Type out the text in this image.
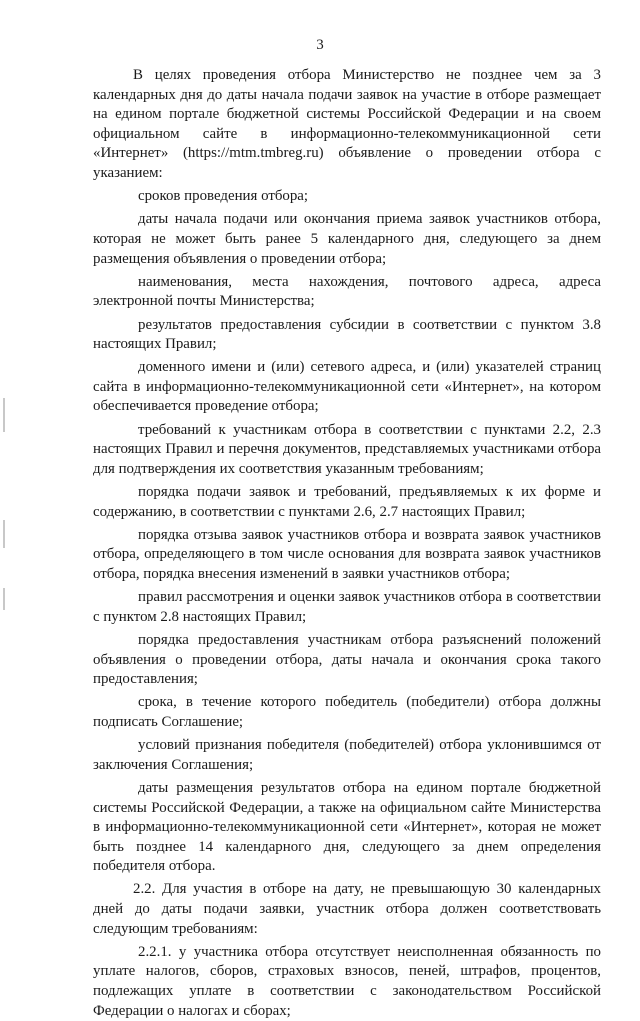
3

В целях проведения отбора Министерство не позднее чем за 3 календарных дня до даты начала подачи заявок на участие в отборе размещает на едином портале бюджетной системы Российской Федерации и на своем официальном сайте в информационно-телекоммуникационной сети «Интернет» (https://mtm.tmbreg.ru) объявление о проведении отбора с указанием:

сроков проведения отбора;

даты начала подачи или окончания приема заявок участников отбора, которая не может быть ранее 5 календарного дня, следующего за днем размещения объявления о проведении отбора;

наименования, места нахождения, почтового адреса, адреса электронной почты Министерства;

результатов предоставления субсидии в соответствии с пунктом 3.8 настоящих Правил;

доменного имени и (или) сетевого адреса, и (или) указателей страниц сайта в информационно-телекоммуникационной сети «Интернет», на котором обеспечивается проведение отбора;

требований к участникам отбора в соответствии с пунктами 2.2, 2.3 настоящих Правил и перечня документов, представляемых участниками отбора для подтверждения их соответствия указанным требованиям;

порядка подачи заявок и требований, предъявляемых к их форме и содержанию, в соответствии с пунктами 2.6, 2.7 настоящих Правил;

порядка отзыва заявок участников отбора и возврата заявок участников отбора, определяющего в том числе основания для возврата заявок участников отбора, порядка внесения изменений в заявки участников отбора;

правил рассмотрения и оценки заявок участников отбора в соответствии с пунктом 2.8 настоящих Правил;

порядка предоставления участникам отбора разъяснений положений объявления о проведении отбора, даты начала и окончания срока такого предоставления;

срока, в течение которого победитель (победители) отбора должны подписать Соглашение;

условий признания победителя (победителей) отбора уклонившимся от заключения Соглашения;

даты размещения результатов отбора на едином портале бюджетной системы Российской Федерации, а также на официальном сайте Министерства в информационно-телекоммуникационной сети «Интернет», которая не может быть позднее 14 календарного дня, следующего за днем определения победителя отбора.

2.2. Для участия в отборе на дату, не превышающую 30 календарных дней до даты подачи заявки, участник отбора должен соответствовать следующим требованиям:

2.2.1. у участника отбора отсутствует неисполненная обязанность по уплате налогов, сборов, страховых взносов, пеней, штрафов, процентов, подлежащих уплате в соответствии с законодательством Российской Федерации о налогах и сборах;
